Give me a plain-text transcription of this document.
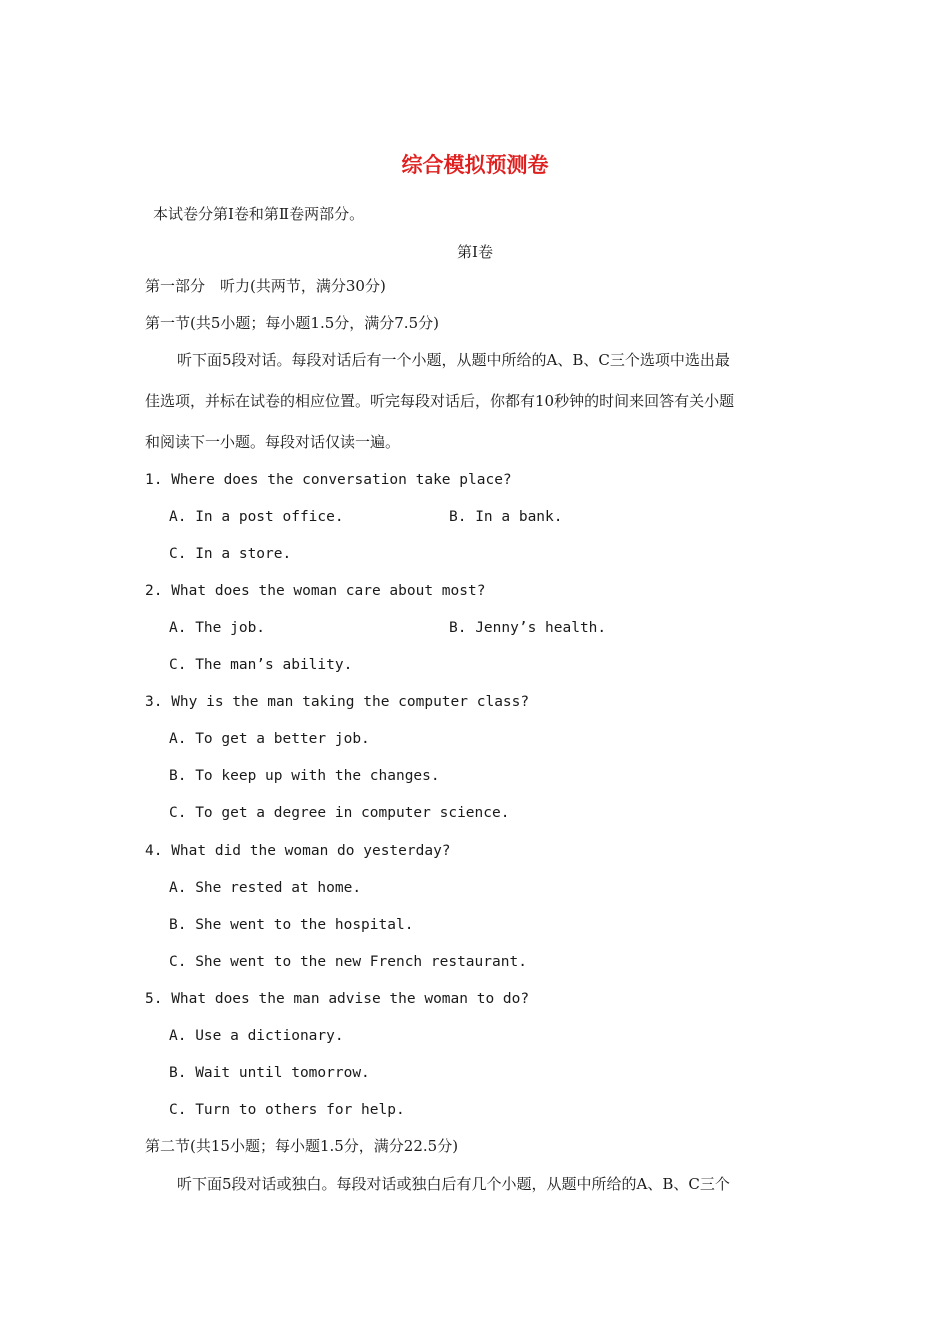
综合模拟预测卷

本试卷分第Ⅰ卷和第Ⅱ卷两部分。

第Ⅰ卷

第一部分　听力(共两节，满分30分)

第一节(共5小题；每小题1.5分，满分7.5分)

听下面5段对话。每段对话后有一个小题，从题中所给的A、B、C三个选项中选出最

佳选项，并标在试卷的相应位置。听完每段对话后，你都有10秒钟的时间来回答有关小题

和阅读下一小题。每段对话仅读一遍。

1. Where does the conversation take place?

A. In a post office.	B. In a bank.

C. In a store.

2. What does the woman care about most?

A. The job.	B. Jenny’s health.

C. The man’s ability.

3. Why is the man taking the computer class?

A. To get a better job.

B. To keep up with the changes.

C. To get a degree in computer science.

4. What did the woman do yesterday?

A. She rested at home.

B. She went to the hospital.

C. She went to the new French restaurant.

5. What does the man advise the woman to do?

A. Use a dictionary.

B. Wait until tomorrow.

C. Turn to others for help.

第二节(共15小题；每小题1.5分，满分22.5分)

听下面5段对话或独白。每段对话或独白后有几个小题，从题中所给的A、B、C三个
